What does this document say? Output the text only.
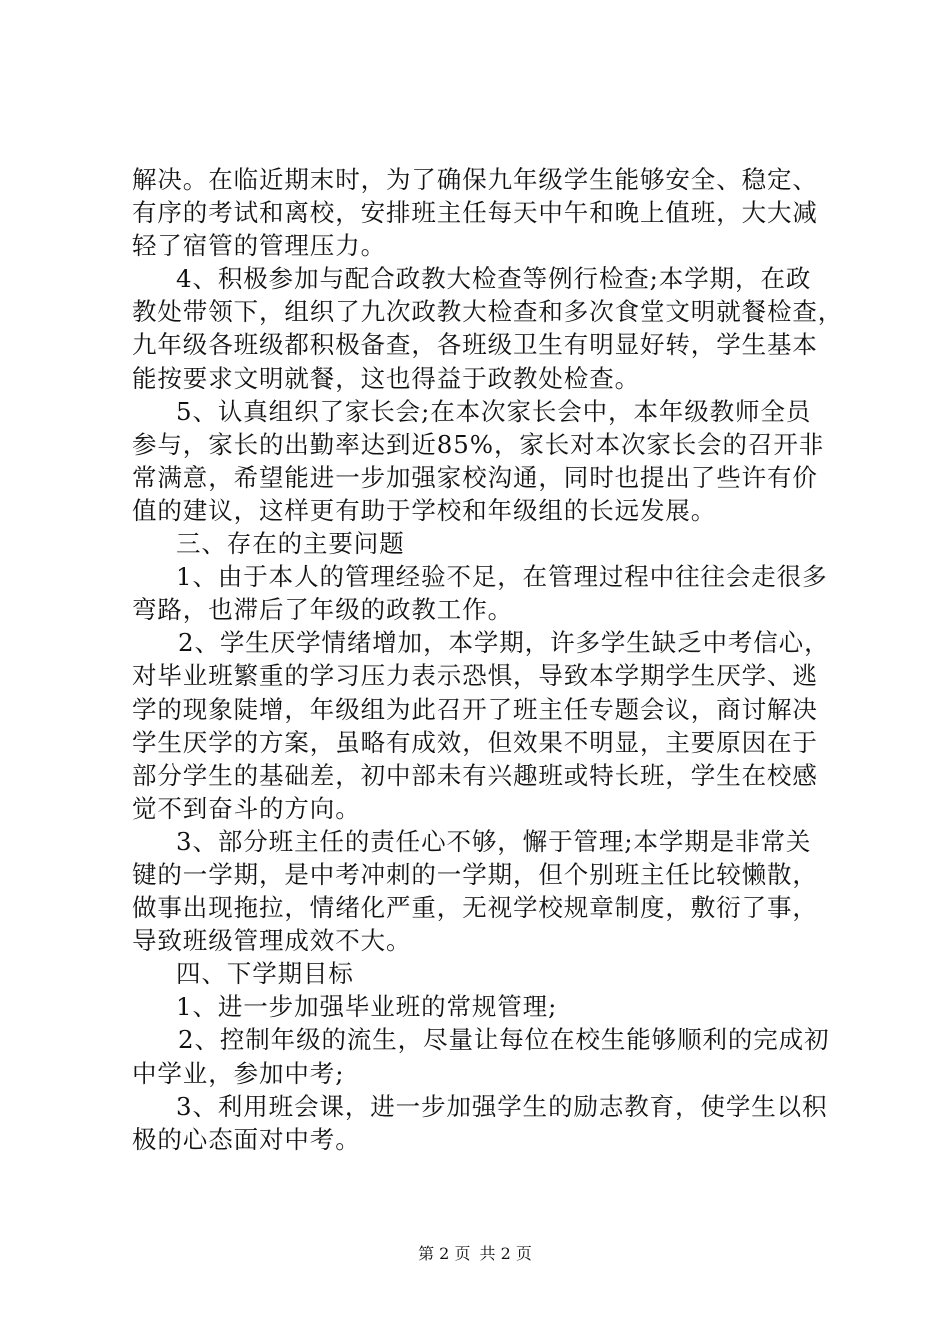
解决。在临近期末时，为了确保九年级学生能够安全、稳定、
有序的考试和离校，安排班主任每天中午和晚上值班，大大减
轻了宿管的管理压力。
4、积极参加与配合政教大检查等例行检查;本学期，在政
教处带领下，组织了九次政教大检查和多次食堂文明就餐检查，
九年级各班级都积极备查，各班级卫生有明显好转，学生基本
能按要求文明就餐，这也得益于政教处检查。
5、认真组织了家长会;在本次家长会中，本年级教师全员
参与，家长的出勤率达到近85%，家长对本次家长会的召开非
常满意，希望能进一步加强家校沟通，同时也提出了些许有价
值的建议，这样更有助于学校和年级组的长远发展。
三、存在的主要问题
1、由于本人的管理经验不足，在管理过程中往往会走很多
弯路，也滞后了年级的政教工作。
2、学生厌学情绪增加，本学期，许多学生缺乏中考信心，
对毕业班繁重的学习压力表示恐惧，导致本学期学生厌学、逃
学的现象陡增，年级组为此召开了班主任专题会议，商讨解决
学生厌学的方案，虽略有成效，但效果不明显，主要原因在于
部分学生的基础差，初中部未有兴趣班或特长班，学生在校感
觉不到奋斗的方向。
3、部分班主任的责任心不够，懈于管理;本学期是非常关
键的一学期，是中考冲刺的一学期，但个别班主任比较懒散，
做事出现拖拉，情绪化严重，无视学校规章制度，敷衍了事，
导致班级管理成效不大。
四、下学期目标
1、进一步加强毕业班的常规管理;
2、控制年级的流生，尽量让每位在校生能够顺利的完成初
中学业，参加中考;
3、利用班会课，进一步加强学生的励志教育，使学生以积
极的心态面对中考。
第 2 页 共 2 页
